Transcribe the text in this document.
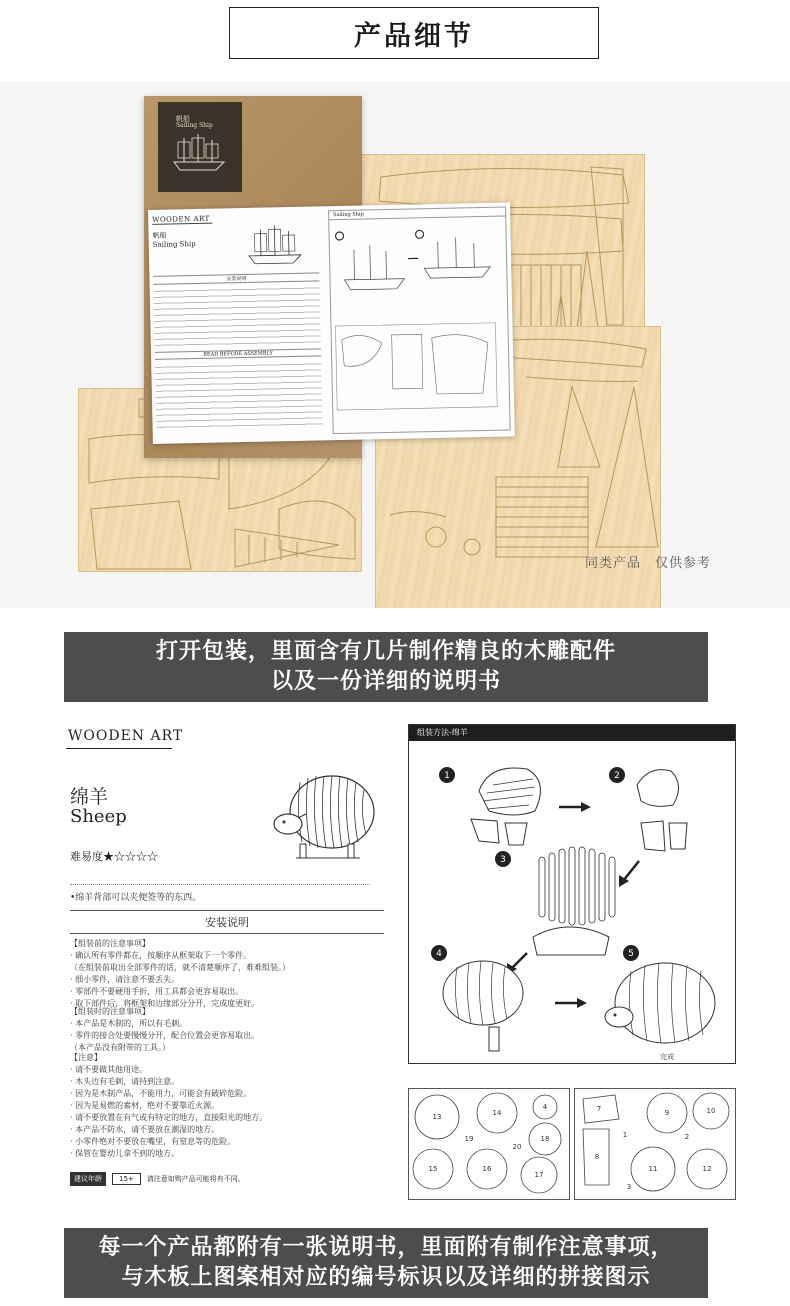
产品细节
帆船
Sailing Ship
WOODEN ART
帆船
Sailing Ship
安装说明
READ BEFORE ASSEMBLY
Sailing Ship
同类产品　仅供参考
打开包装，里面含有几片制作精良的木雕配件
以及一份详细的说明书
WOODEN ART
绵羊
Sheep
难易度★☆☆☆☆
•绵羊背部可以夹便签等的东西。
安装说明
【组装前的注意事项】
· 确认所有零件都在，按顺序从框架取下一个零件。
（在组装前取出全部零件的话，就不清楚顺序了，难难组装。）
· 细小零件，请注意不要丢失。
· 零部件不要硬用手折，用工具都会更容易取出。
· 取下部件后，将框架和边缘部分分开，完成度更好。
【组装时的注意事项】
· 本产品是木制的，所以有毛刺。
· 零件的接合处要慢慢分开，配合位置会更容易取出。
（本产品没有附带的工具。）
【注意】
· 请不要做其他用途。
· 木头边有毛刺，请持到注意。
· 因为是木制产品，不能用力，可能会有破碎危险。
· 因为是易燃的素材，绝对不要靠近火源。
· 请不要放置在有气或有特定的地方，直接阳光的地方。
· 本产品不防水，请不要放在潮湿的地方。
· 小零件绝对不要放在嘴里，有窒息等的危险。
· 保管在婴幼儿拿不到的地方。
建议年龄	15+	请注意如购产品可能将有不同。
组装方法-绵羊
1	2
3
4	5
完成
13	14
4
18
15	16
17
19
20
7
8
9	10
11	12
1	2
3
每一个产品都附有一张说明书，里面附有制作注意事项，
与木板上图案相对应的编号标识以及详细的拼接图示
